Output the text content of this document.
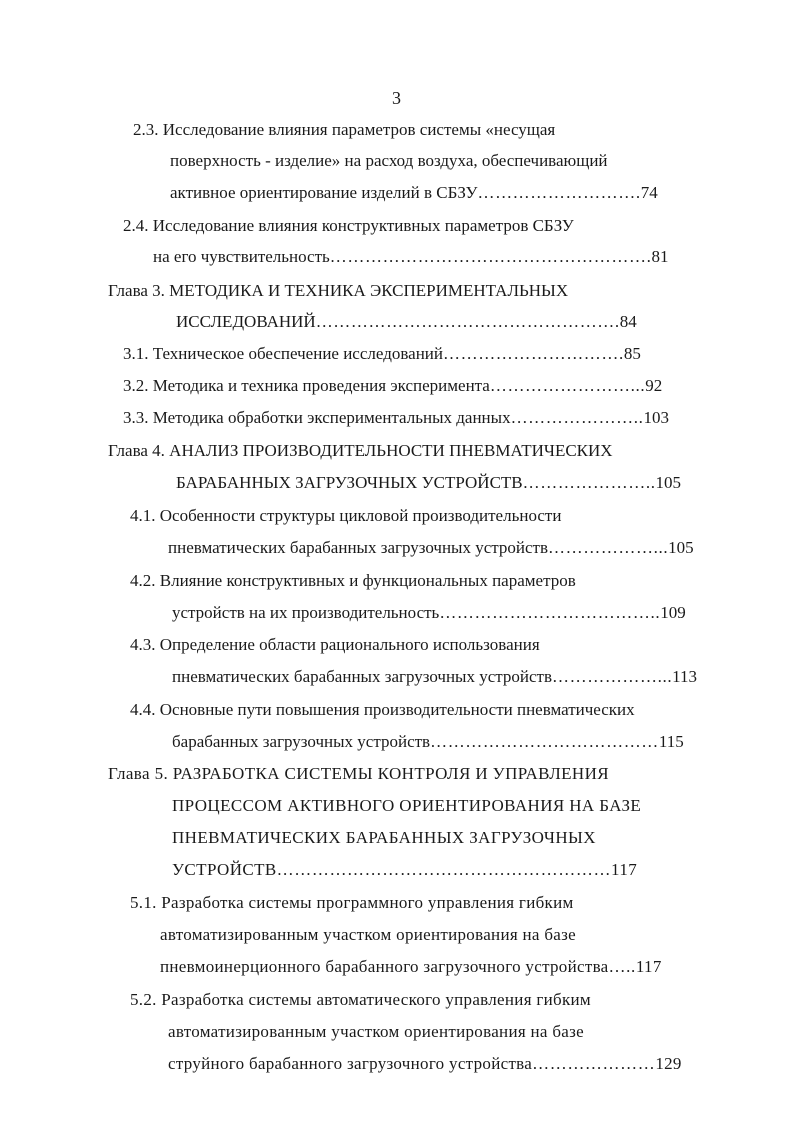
3
2.3. Исследование влияния параметров системы «несущая
поверхность - изделие» на расход воздуха, обеспечивающий
активное ориентирование изделий в СБЗУ……………………….74
2.4. Исследование влияния конструктивных параметров СБЗУ
на его чувствительность……………………………………………….81
Глава 3. МЕТОДИКА И ТЕХНИКА ЭКСПЕРИМЕНТАЛЬНЫХ
ИССЛЕДОВАНИЙ…………………………………………….84
3.1. Техническое обеспечение исследований………………………….85
3.2. Методика и техника проведения эксперимента……………………...92
3.3. Методика обработки экспериментальных данных…………………..103
Глава 4. АНАЛИЗ ПРОИЗВОДИТЕЛЬНОСТИ ПНЕВМАТИЧЕСКИХ
БАРАБАННЫХ ЗАГРУЗОЧНЫХ УСТРОЙСТВ…………………..105
4.1. Особенности структуры цикловой производительности
пневматических барабанных загрузочных устройств………………...105
4.2. Влияние конструктивных и функциональных параметров
устройств на их производительность………………………………..109
4.3. Определение области рационального использования
пневматических барабанных загрузочных устройств………………...113
4.4. Основные пути повышения производительности пневматических
барабанных загрузочных устройств…………………………………115
Глава 5. РАЗРАБОТКА СИСТЕМЫ КОНТРОЛЯ И УПРАВЛЕНИЯ
ПРОЦЕССОМ АКТИВНОГО ОРИЕНТИРОВАНИЯ НА БАЗЕ
ПНЕВМАТИЧЕСКИХ БАРАБАННЫХ ЗАГРУЗОЧНЫХ
УСТРОЙСТВ…………………………………………………117
5.1. Разработка системы программного управления гибким
автоматизированным участком ориентирования на базе
пневмоинерционного барабанного загрузочного устройства…..117
5.2. Разработка системы автоматического управления гибким
автоматизированным участком ориентирования на базе
струйного барабанного загрузочного устройства…………………129
